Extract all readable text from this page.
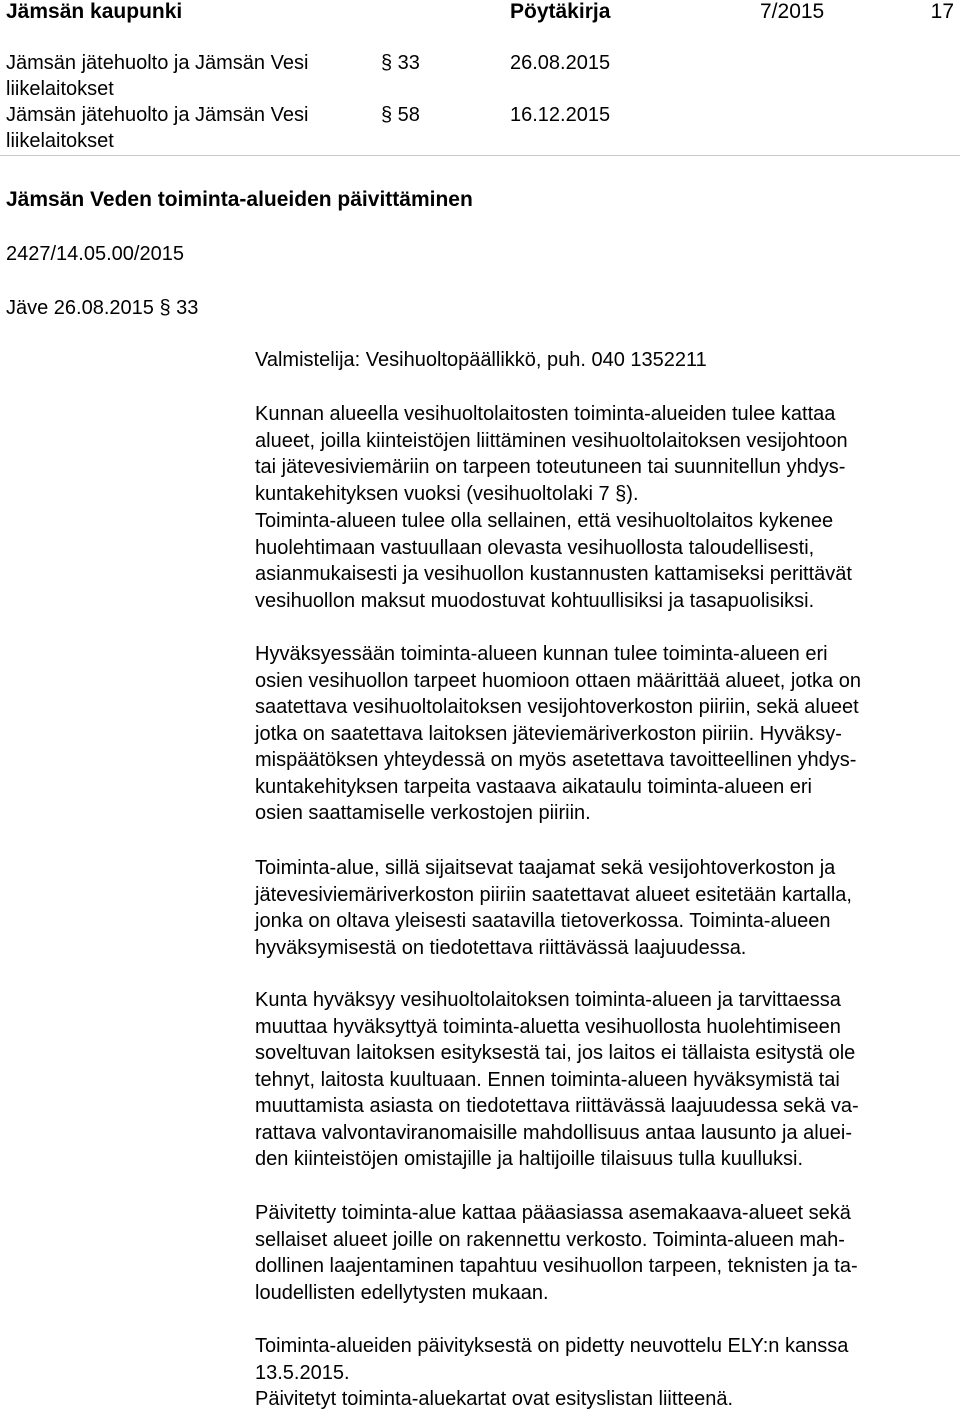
Jämsän kaupunki	Pöytäkirja	7/2015	17
Jämsän jätehuolto ja Jämsän Vesi liikelaitokset
§ 33	26.08.2015
Jämsän jätehuolto ja Jämsän Vesi liikelaitokset
§ 58	16.12.2015
Jämsän Veden toiminta-alueiden päivittäminen
2427/14.05.00/2015
Jäve 26.08.2015 § 33
Valmistelija: Vesihuoltopäällikkö, puh. 040 1352211

Kunnan alueella vesihuoltolaitosten toiminta-alueiden tulee kattaa
alueet, joilla kiinteistöjen liittäminen vesihuoltolaitoksen vesijohtoon
tai jätevesiviemäriin on tarpeen toteutuneen tai suunnitellun yhdys-
kuntakehityksen vuoksi (vesihuoltolaki 7 §).

Toiminta-alueen tulee olla sellainen, että vesihuoltolaitos kykenee
huolehtimaan vastuullaan olevasta vesihuollosta taloudellisesti,
asianmukaisesti ja vesihuollon kustannusten kattamiseksi perittävät
vesihuollon maksut muodostuvat kohtuullisiksi ja tasapuolisiksi.

Hyväksyessään toiminta-alueen kunnan tulee toiminta-alueen eri
osien vesihuollon tarpeet huomioon ottaen määrittää alueet, jotka on
saatettava vesihuoltolaitoksen vesijohtoverkoston piiriin, sekä alueet
jotka on saatettava laitoksen jäteviemäriverkoston piiriin. Hyväksy-
mispäätöksen yhteydessä on myös asetettava tavoitteellinen yhdys-
kuntakehityksen tarpeita vastaava aikataulu toiminta-alueen eri
osien saattamiselle verkostojen piiriin.

Toiminta-alue, sillä sijaitsevat taajamat sekä vesijohtoverkoston ja
jätevesiviemäriverkoston piiriin saatettavat alueet esitetään kartalla,
jonka on oltava yleisesti saatavilla tietoverkossa. Toiminta-alueen
hyväksymisestä on tiedotettava riittävässä laajuudessa.

Kunta hyväksyy vesihuoltolaitoksen toiminta-alueen ja tarvittaessa
muuttaa hyväksyttyä toiminta-aluetta vesihuollosta huolehtimiseen
soveltuvan laitoksen esityksestä tai, jos laitos ei tällaista esitystä ole
tehnyt, laitosta kuultuaan. Ennen toiminta-alueen hyväksymistä tai
muuttamista asiasta on tiedotettava riittävässä laajuudessa sekä va-
rattava valvontaviranomaisille mahdollisuus antaa lausunto ja aluei-
den kiinteistöjen omistajille ja haltijoille tilaisuus tulla kuulluksi.

Päivitetty toiminta-alue kattaa pääasiassa asemakaava-alueet sekä
sellaiset alueet joille on rakennettu verkosto. Toiminta-alueen mah-
dollinen laajentaminen tapahtuu vesihuollon tarpeen, teknisten ja ta-
loudellisten edellytysten mukaan.

Toiminta-alueiden päivityksestä on pidetty neuvottelu ELY:n kanssa
13.5.2015.

Päivitetyt toiminta-aluekartat ovat esityslistan liitteenä.
